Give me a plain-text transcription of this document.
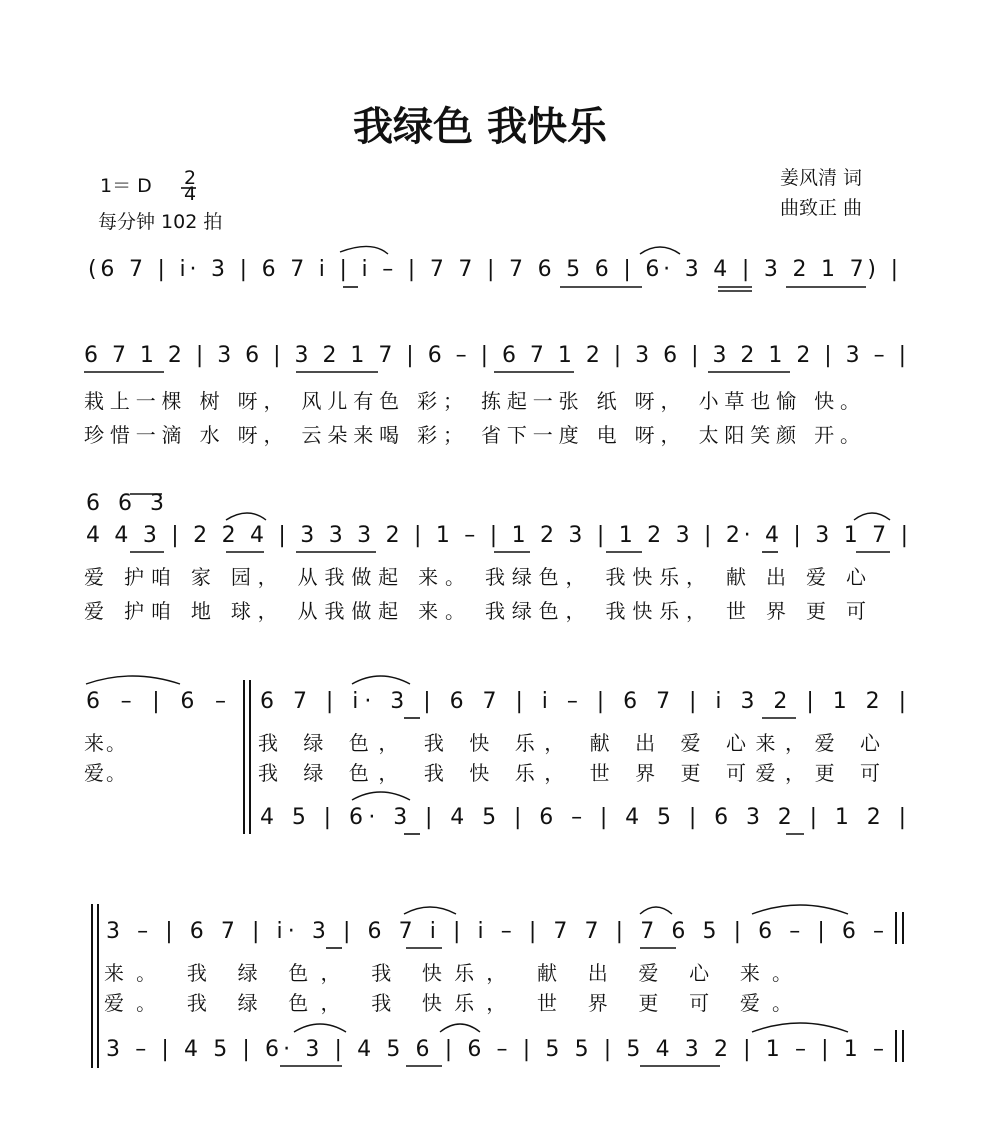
我绿色 我快乐
1＝ D 2
4
每分钟 102 拍
姜风清 词
曲致正 曲
(6 7 | i· 3 | 6 7 i | i – | 7 7 | 7 6 5 6 | 6· 3 4 | 3 2 1 7) |
6 7 1 2 | 3 6 | 3 2 1 7 | 6 – | 6 7 1 2 | 3 6 | 3 2 1 2 | 3 – |
栽上一棵 树 呀， 风儿有色 彩； 拣起一张 纸 呀， 小草也愉 快。
珍惜一滴 水 呀， 云朵来喝 彩； 省下一度 电 呀， 太阳笑颜 开。
6 6 3
4 4 3 | 2 2 4 | 3 3 3 2 | 1 – | 1 2 3 | 1 2 3 | 2· 4 | 3 1 7 |
爱 护咱 家 园， 从我做起 来。 我绿色， 我快乐， 献 出 爱 心
爱 护咱 地 球， 从我做起 来。 我绿色， 我快乐， 世 界 更 可
6 – | 6 –
来。
爱。
6 7 | i· 3 | 6 7 | i – | 6 7 | i 3 2 | 1 2 |
我 绿 色， 我 快 乐， 献 出 爱 心来，爱 心
我 绿 色， 我 快 乐， 世 界 更 可爱，更 可
4 5 | 6· 3 | 4 5 | 6 – | 4 5 | 6 3 2 | 1 2 |
3 – | 6 7 | i· 3 | 6 7 i | i – | 7 7 | 7 6 5 | 6 – | 6 –
来。 我 绿 色， 我 快乐， 献 出 爱 心 来。
爱。 我 绿 色， 我 快乐， 世 界 更 可 爱。
3 – | 4 5 | 6· 3 | 4 5 6 | 6 – | 5 5 | 5 4 3 2 | 1 – | 1 –
